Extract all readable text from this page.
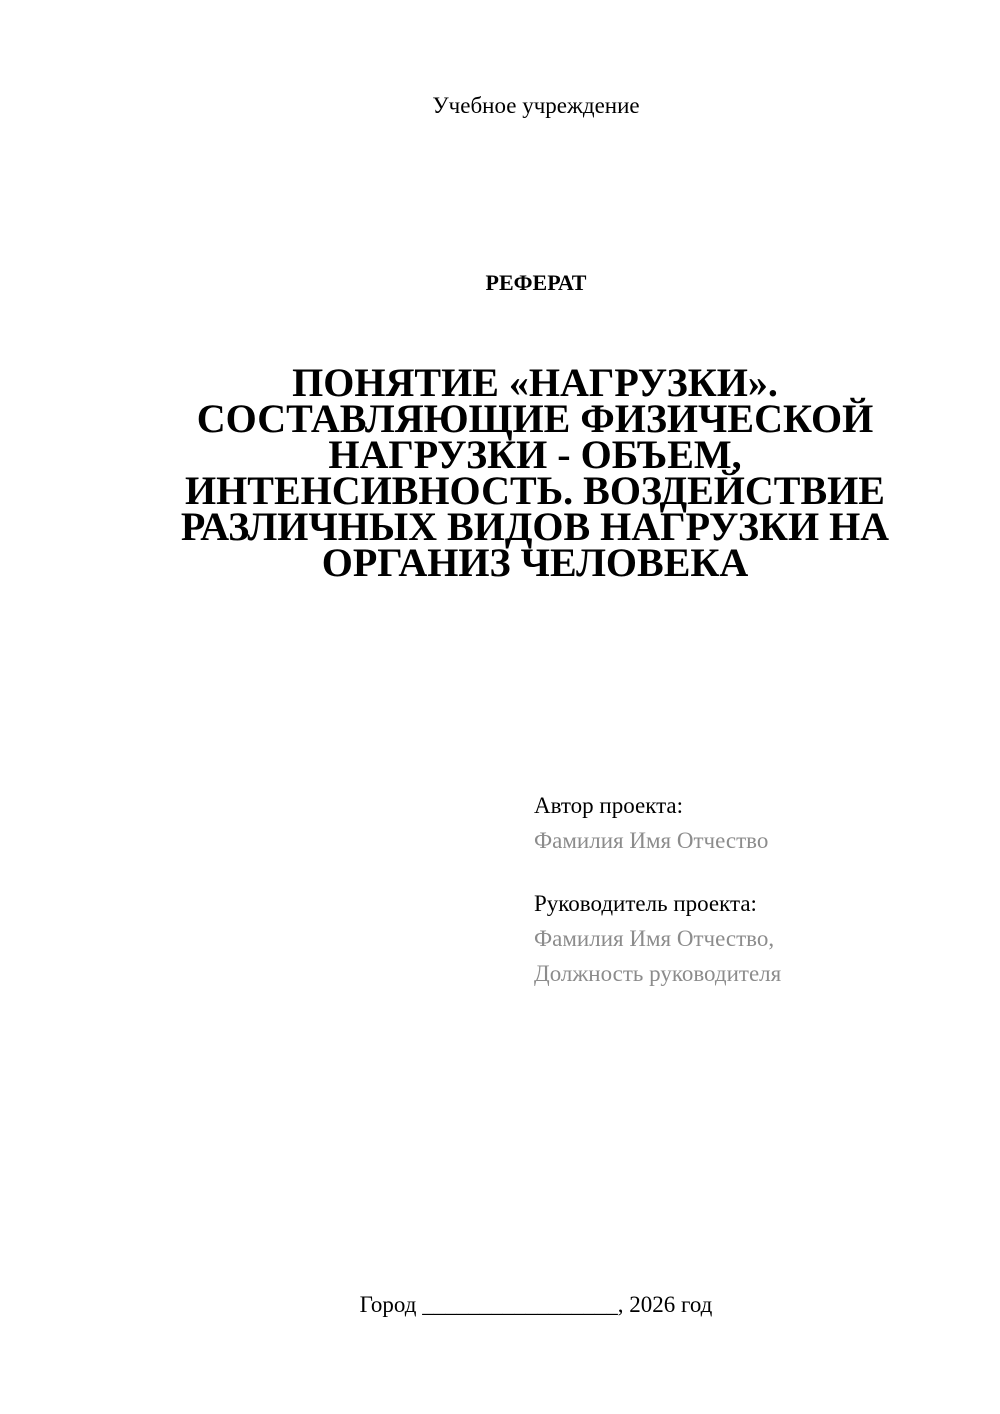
Учебное учреждение
РЕФЕРАТ
ПОНЯТИЕ «НАГРУЗКИ».
СОСТАВЛЯЮЩИЕ ФИЗИЧЕСКОЙ
НАГРУЗКИ - ОБЪЕМ,
ИНТЕНСИВНОСТЬ. ВОЗДЕЙСТВИЕ
РАЗЛИЧНЫХ ВИДОВ НАГРУЗКИ НА
ОРГАНИЗ ЧЕЛОВЕКА
Автор проекта:
Фамилия Имя Отчество
Руководитель проекта:
Фамилия Имя Отчество,
Должность руководителя
Город _________________, 2026 год
